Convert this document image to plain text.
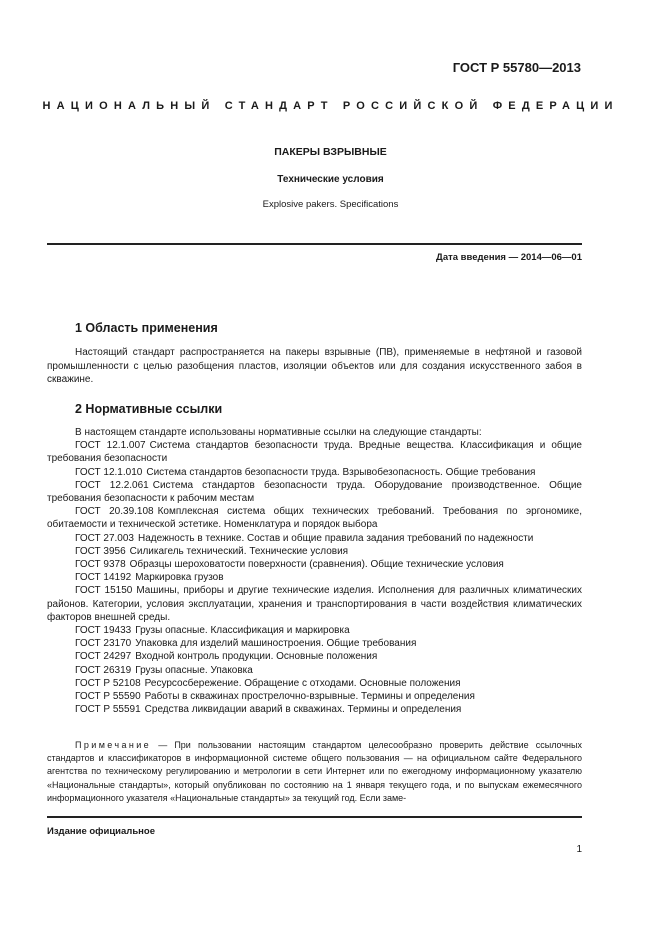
ГОСТ Р 55780—2013
НАЦИОНАЛЬНЫЙ СТАНДАРТ РОССИЙСКОЙ ФЕДЕРАЦИИ
ПАКЕРЫ ВЗРЫВНЫЕ
Технические условия
Explosive pakers. Specifications
Дата введения — 2014—06—01
1 Область применения

Настоящий стандарт распространяется на пакеры взрывные (ПВ), применяемые в нефтяной и газовой промышленности с целью разобщения пластов, изоляции объектов или для создания искусственного забоя в скважине.

2 Нормативные ссылки

В настоящем стандарте использованы нормативные ссылки на следующие стандарты:

ГОСТ 12.1.007 Система стандартов безопасности труда. Вредные вещества. Классификация и общие требования безопасности

ГОСТ 12.1.010 Система стандартов безопасности труда. Взрывобезопасность. Общие требования

ГОСТ 12.2.061 Система стандартов безопасности труда. Оборудование производственное. Общие требования безопасности к рабочим местам

ГОСТ 20.39.108 Комплексная система общих технических требований. Требования по эргономике, обитаемости и технической эстетике. Номенклатура и порядок выбора

ГОСТ 27.003 Надежность в технике. Состав и общие правила задания требований по надежности

ГОСТ 3956 Силикагель технический. Технические условия

ГОСТ 9378 Образцы шероховатости поверхности (сравнения). Общие технические условия

ГОСТ 14192 Маркировка грузов

ГОСТ 15150 Машины, приборы и другие технические изделия. Исполнения для различных климатических районов. Категории, условия эксплуатации, хранения и транспортирования в части воздействия климатических факторов внешней среды.

ГОСТ 19433 Грузы опасные. Классификация и маркировка

ГОСТ 23170 Упаковка для изделий машиностроения. Общие требования

ГОСТ 24297 Входной контроль продукции. Основные положения

ГОСТ 26319 Грузы опасные. Упаковка

ГОСТ Р 52108 Ресурсосбережение. Обращение с отходами. Основные положения

ГОСТ Р 55590 Работы в скважинах прострелочно-взрывные. Термины и определения

ГОСТ Р 55591 Средства ликвидации аварий в скважинах. Термины и определения

Примечание — При пользовании настоящим стандартом целесообразно проверить действие ссылочных стандартов и классификаторов в информационной системе общего пользования — на официальном сайте Федерального агентства по техническому регулированию и метрологии в сети Интернет или по ежегодному информационному указателю «Национальные стандарты», который опубликован по состоянию на 1 января текущего года, и по выпускам ежемесячного информационного указателя «Национальные стандарты» за текущий год. Если заме-

Издание официальное
1
